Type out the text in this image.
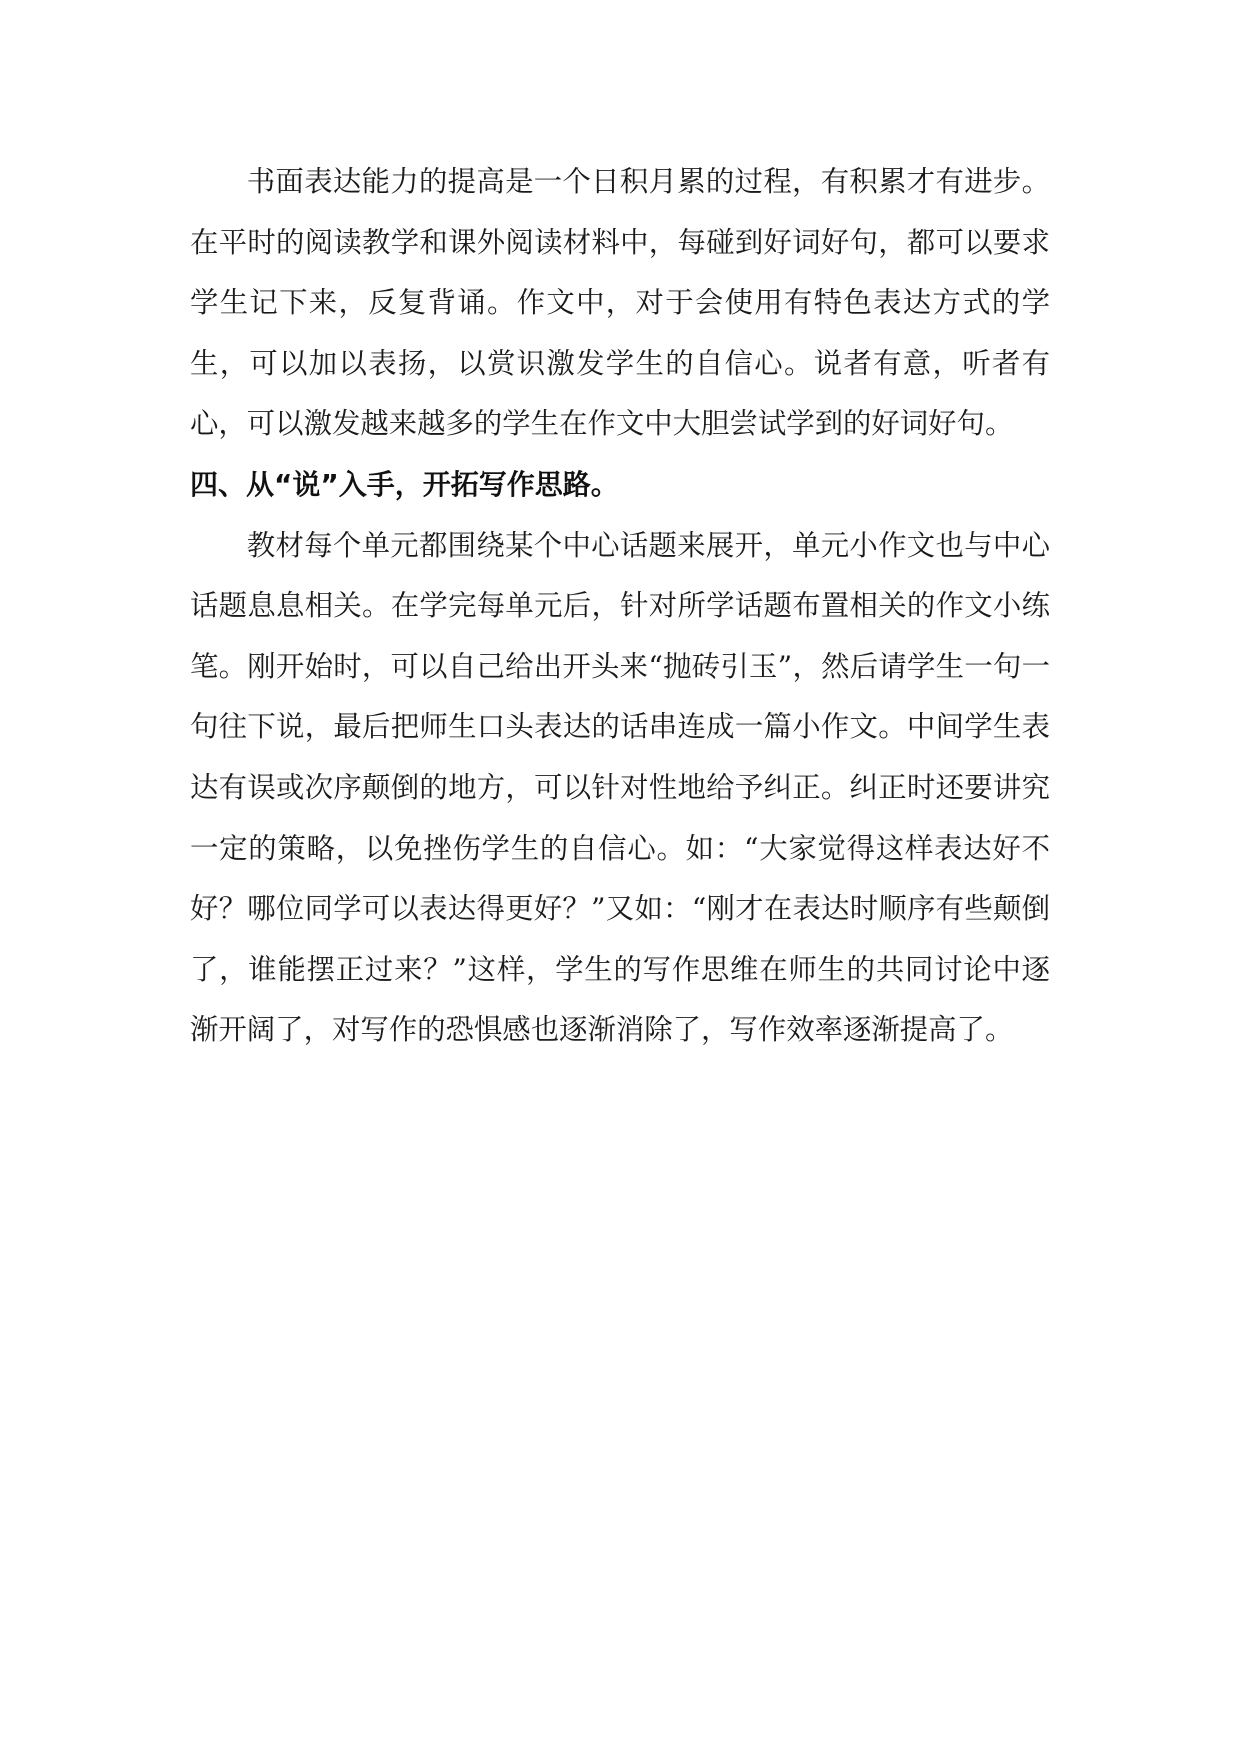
书面表达能力的提高是一个日积月累的过程，有积累才有进步。在平时的阅读教学和课外阅读材料中，每碰到好词好句，都可以要求学生记下来，反复背诵。作文中，对于会使用有特色表达方式的学生，可以加以表扬，以赏识激发学生的自信心。说者有意，听者有心，可以激发越来越多的学生在作文中大胆尝试学到的好词好句。

四、从“说”入手，开拓写作思路。

教材每个单元都围绕某个中心话题来展开，单元小作文也与中心话题息息相关。在学完每单元后，针对所学话题布置相关的作文小练笔。刚开始时，可以自己给出开头来“抛砖引玉”，然后请学生一句一句往下说，最后把师生口头表达的话串连成一篇小作文。中间学生表达有误或次序颠倒的地方，可以针对性地给予纠正。纠正时还要讲究一定的策略，以免挫伤学生的自信心。如：“大家觉得这样表达好不好？哪位同学可以表达得更好？”又如：“刚才在表达时顺序有些颠倒了，谁能摆正过来？”这样，学生的写作思维在师生的共同讨论中逐渐开阔了，对写作的恐惧感也逐渐消除了，写作效率逐渐提高了。
